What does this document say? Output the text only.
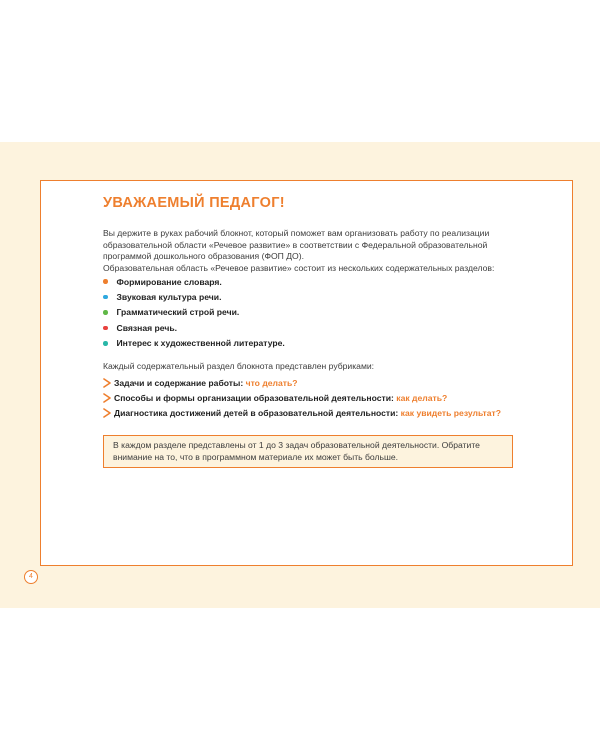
УВАЖАЕМЫЙ ПЕДАГОГ!

Вы держите в руках рабочий блокнот, который поможет вам организовать работу по реализации образовательной области «Речевое развитие» в соответствии с Федеральной образовательной программой дошкольного образования (ФОП ДО).

Образовательная область «Речевое развитие» состоит из нескольких содержательных разделов:

Формирование словаря.
Звуковая культура речи.
Грамматический строй речи.
Связная речь.
Интерес к художественной литературе.
Каждый содержательный раздел блокнота представлен рубриками:
Задачи и содержание работы: что делать?
Способы и формы организации образовательной деятельности: как делать?
Диагностика достижений детей в образовательной деятельности: как увидеть результат?
В каждом разделе представлены от 1 до 3 задач образовательной деятельности. Обратите внимание на то, что в программном материале их может быть больше.
4
